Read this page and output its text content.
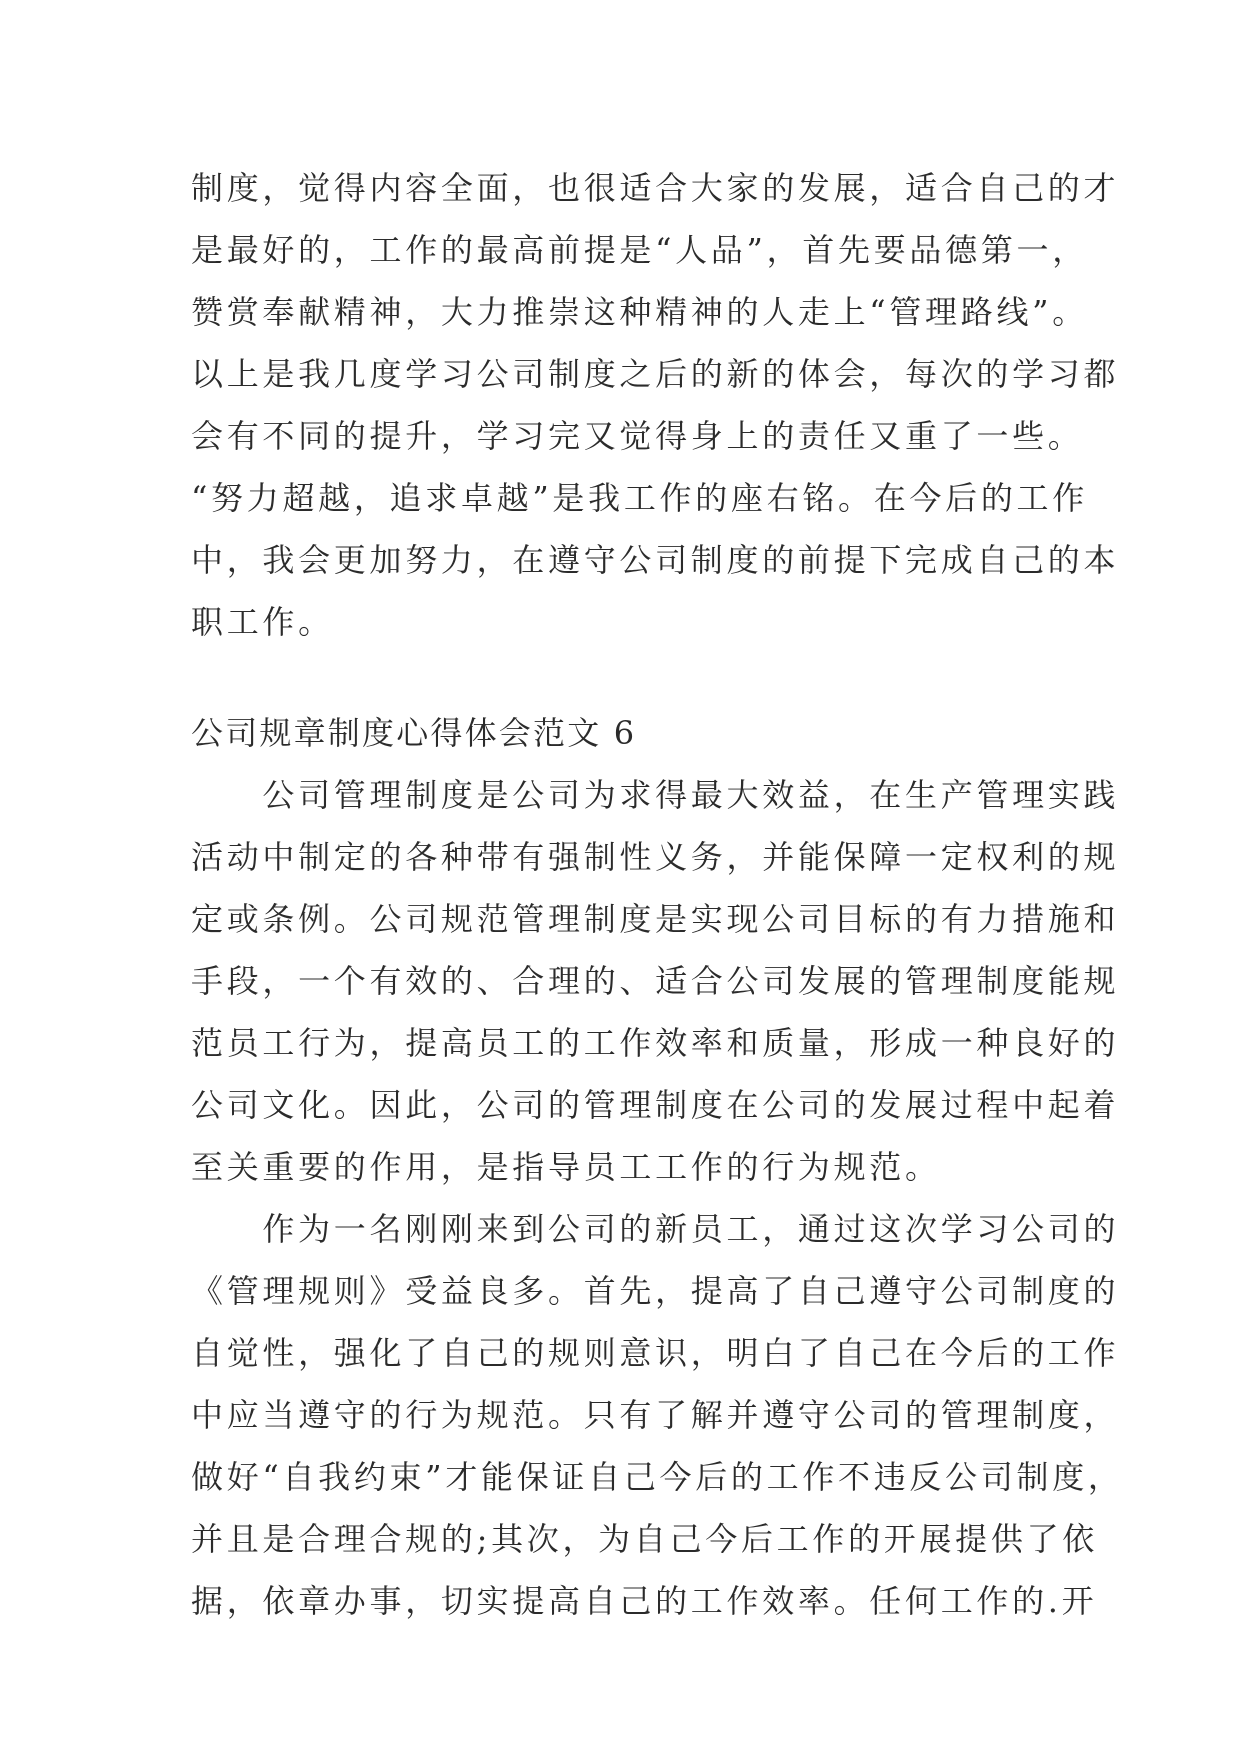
制度，觉得内容全面，也很适合大家的发展，适合自己的才
是最好的，工作的最高前提是“人品”，首先要品德第一，
赞赏奉献精神，大力推崇这种精神的人走上“管理路线”。
以上是我几度学习公司制度之后的新的体会，每次的学习都
会有不同的提升，学习完又觉得身上的责任又重了一些。
“努力超越，追求卓越”是我工作的座右铭。在今后的工作
中，我会更加努力，在遵守公司制度的前提下完成自己的本
职工作。
公司规章制度心得体会范文 6
　　公司管理制度是公司为求得最大效益，在生产管理实践
活动中制定的各种带有强制性义务，并能保障一定权利的规
定或条例。公司规范管理制度是实现公司目标的有力措施和
手段，一个有效的、合理的、适合公司发展的管理制度能规
范员工行为，提高员工的工作效率和质量，形成一种良好的
公司文化。因此，公司的管理制度在公司的发展过程中起着
至关重要的作用，是指导员工工作的行为规范。
　　作为一名刚刚来到公司的新员工，通过这次学习公司的
《管理规则》受益良多。首先，提高了自己遵守公司制度的
自觉性，强化了自己的规则意识，明白了自己在今后的工作
中应当遵守的行为规范。只有了解并遵守公司的管理制度，
做好“自我约束”才能保证自己今后的工作不违反公司制度，
并且是合理合规的;其次，为自己今后工作的开展提供了依
据，依章办事，切实提高自己的工作效率。任何工作的.开
